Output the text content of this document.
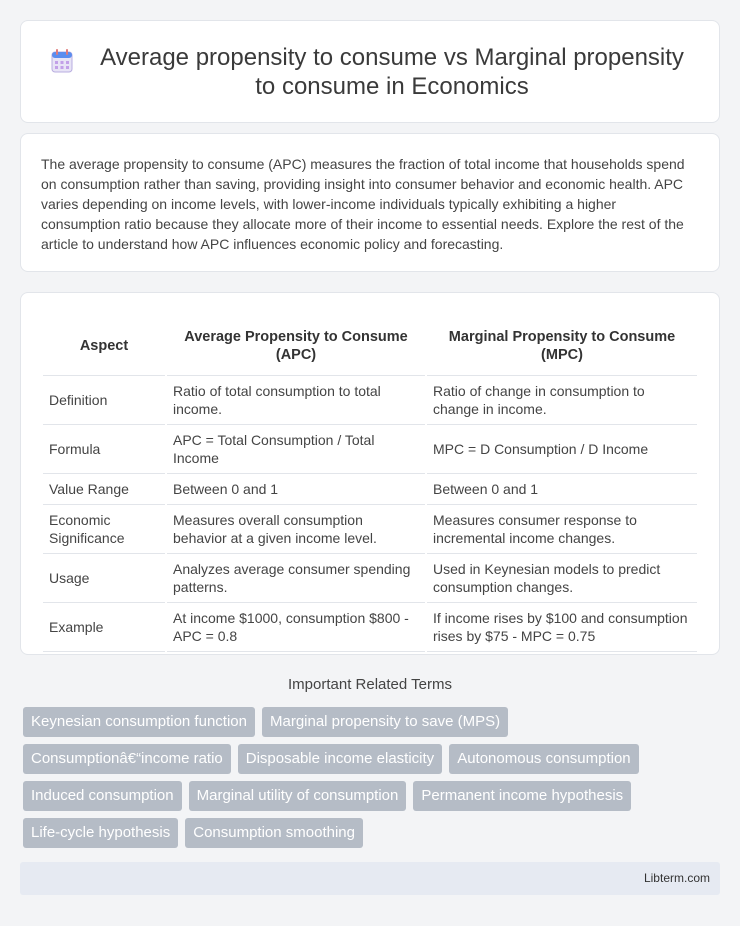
Average propensity to consume vs Marginal propensity to consume in Economics

The average propensity to consume (APC) measures the fraction of total income that households spend on consumption rather than saving, providing insight into consumer behavior and economic health. APC varies depending on income levels, with lower-income individuals typically exhibiting a higher consumption ratio because they allocate more of their income to essential needs. Explore the rest of the article to understand how APC influences economic policy and forecasting.

Aspect	Average Propensity to Consume (APC)	Marginal Propensity to Consume (MPC)
Definition	Ratio of total consumption to total income.	Ratio of change in consumption to change in income.
Formula	APC = Total Consumption / Total Income	MPC = D Consumption / D Income
Value Range	Between 0 and 1	Between 0 and 1
Economic Significance	Measures overall consumption behavior at a given income level.	Measures consumer response to incremental income changes.
Usage	Analyzes average consumer spending patterns.	Used in Keynesian models to predict consumption changes.
Example	At income $1000, consumption $800 - APC = 0.8	If income rises by $100 and consumption rises by $75 - MPC = 0.75
Important Related Terms
Keynesian consumption function	Marginal propensity to save (MPS)
Consumptionâ€“income ratio	Disposable income elasticity	Autonomous consumption
Induced consumption	Marginal utility of consumption	Permanent income hypothesis
Life-cycle hypothesis	Consumption smoothing
Libterm.com
